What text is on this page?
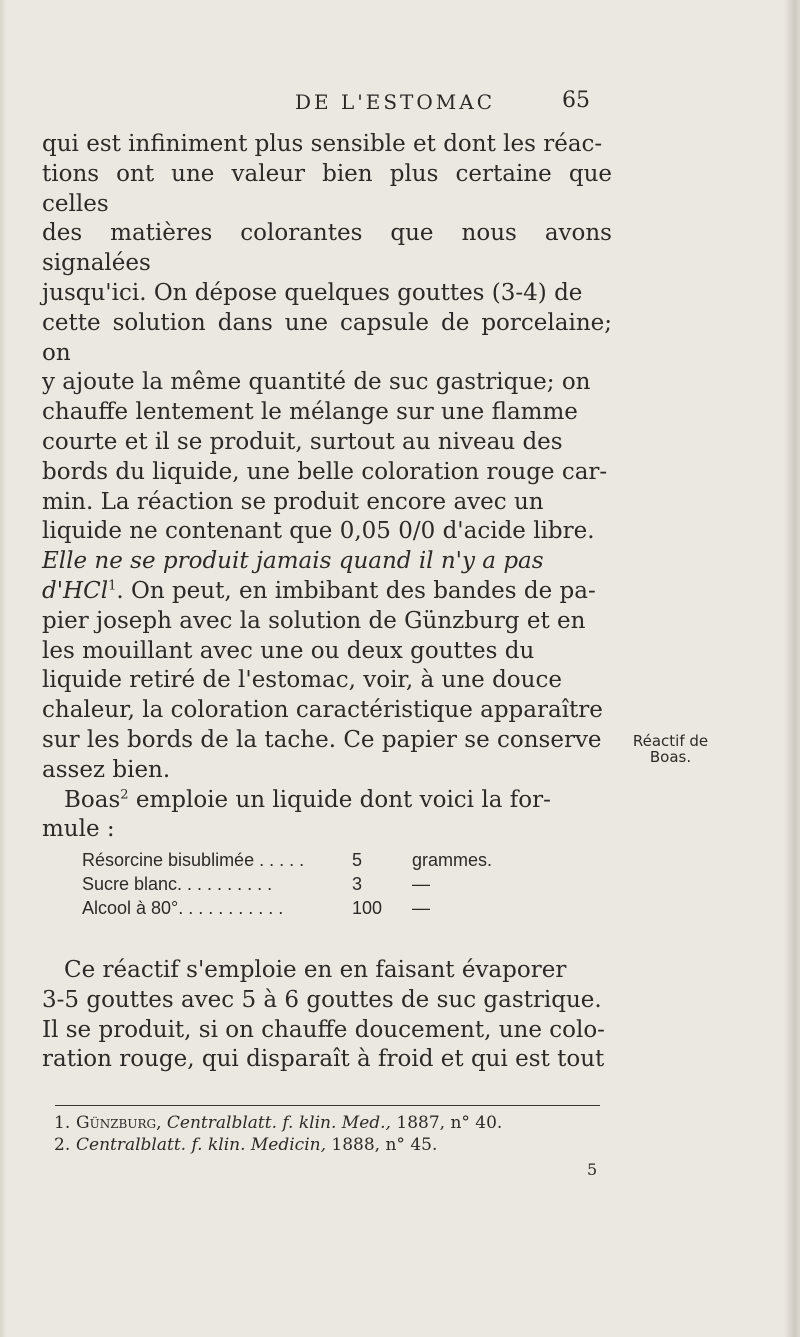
DE L'ESTOMAC	65

qui est infiniment plus sensible et dont les réac-

tions ont une valeur bien plus certaine que celles

des matières colorantes que nous avons signalées

jusqu'ici. On dépose quelques gouttes (3-4) de

cette solution dans une capsule de porcelaine; on

y ajoute la même quantité de suc gastrique; on

chauffe lentement le mélange sur une flamme

courte et il se produit, surtout au niveau des

bords du liquide, une belle coloration rouge car-

min. La réaction se produit encore avec un

liquide ne contenant que 0,05 0/0 d'acide libre.

Elle ne se produit jamais quand il n'y a pas

d'HCl$^1$. On peut, en imbibant des bandes de pa-

pier joseph avec la solution de Günzburg et en

les mouillant avec une ou deux gouttes du

liquide retiré de l'estomac, voir, à une douce

chaleur, la coloration caractéristique apparaître

sur les bords de la tache. Ce papier se conserve

assez bien.

Boas$^2$ emploie un liquide dont voici la for-

mule :

Réactif de
Boas.
Résorcine bisublimée . . . . .	5	grammes.
Sucre blanc. . . . . . . . . .	3	—
Alcool à 80°. . . . . . . . . . .	100	—

Ce réactif s'emploie en en faisant évaporer

3-5 gouttes avec 5 à 6 gouttes de suc gastrique.

Il se produit, si on chauffe doucement, une colo-

ration rouge, qui disparaît à froid et qui est tout

1. Günzburg, Centralblatt. f. klin. Med., 1887, n° 40.
2. Centralblatt. f. klin. Medicin, 1888, n° 45.
5
